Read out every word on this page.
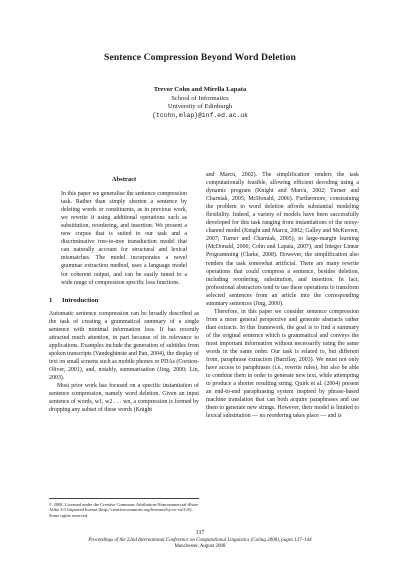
Sentence Compression Beyond Word Deletion
Trevor Cohn and Mirella Lapata
School of Informatics
University of Edinburgh
{tcohn,mlap}@inf.ed.ac.uk
Abstract

In this paper we generalise the sentence compression task. Rather than simply shorten a sentence by deleting words or constituents, as in previous work, we rewrite it using additional operations such as substitution, reordering, and insertion. We present a new corpus that is suited to our task and a discriminative tree-to-tree transduction model that can naturally account for structural and lexical mismatches. The model incorporates a novel grammar extraction method, uses a language model for coherent output, and can be easily tuned to a wide range of compression specific loss functions.

1 Introduction

Automatic sentence compression can be broadly described as the task of creating a grammatical summary of a single sentence with minimal information loss. It has recently attracted much attention, in part because of its relevance to applications. Examples include the generation of subtitles from spoken transcripts (Vandeghinste and Pan, 2004), the display of text on small screens such as mobile phones or PDAs (Corston-Oliver, 2001), and, notably, summarisation (Jing, 2000; Lin, 2003).

Most prior work has focused on a specific instantiation of sentence compression, namely word deletion. Given an input sentence of words, w1, w2 . . . wn, a compression is formed by dropping any subset of these words (Knight

and Marcu, 2002). The simplification renders the task computationally feasible, allowing efficient decoding using a dynamic program (Knight and Marcu, 2002; Turner and Charniak, 2005; McDonald, 2006). Furthermore, constraining the problem to word deletion affords substantial modeling flexibility. Indeed, a variety of models have been successfully developed for this task ranging from instantiations of the noisy-channel model (Knight and Marcu, 2002; Galley and McKeown, 2007; Turner and Charniak, 2005), to large-margin learning (McDonald, 2006; Cohn and Lapata, 2007), and Integer Linear Programming (Clarke, 2008). However, the simplification also renders the task somewhat artificial. There are many rewrite operations that could compress a sentence, besides deletion, including reordering, substitution, and insertion. In fact, professional abstractors tend to use these operations to transform selected sentences from an article into the corresponding summary sentences (Jing, 2000).

Therefore, in this paper we consider sentence compression from a more general perspective and generate abstracts rather than extracts. In this framework, the goal is to find a summary of the original sentence which is grammatical and conveys the most important information without necessarily using the same words in the same order. Our task is related to, but different from, paraphrase extraction (Barzilay, 2003). We must not only have access to paraphrases (i.e., rewrite rules), but also be able to combine them in order to generate new text, while attempting to produce a shorter resulting string. Quirk et al. (2004) present an end-to-end paraphrasing system inspired by phrase-based machine translation that can both acquire paraphrases and use them to generate new strings. However, their model is limited to lexical substitution — no reordering takes place — and is

© 2008. Licensed under the Creative Commons Attribution-Noncommercial-Share Alike 3.0 Unported license (http://creativecommons.org/licenses/by-nc-sa/3.0/). Some rights reserved.
137
Proceedings of the 22nd International Conference on Computational Linguistics (Coling 2008), pages 137–144
Manchester, August 2008
